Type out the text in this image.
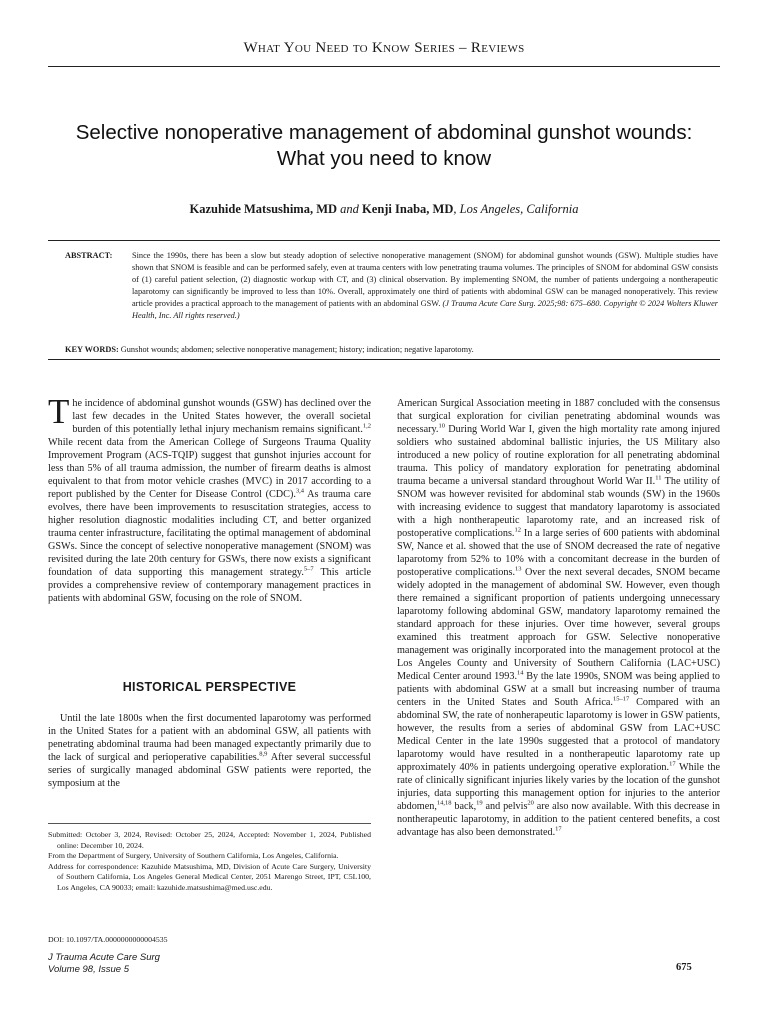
What You Need to Know Series – Reviews
Selective nonoperative management of abdominal gunshot wounds: What you need to know
Kazuhide Matsushima, MD and Kenji Inaba, MD, Los Angeles, California
ABSTRACT: Since the 1990s, there has been a slow but steady adoption of selective nonoperative management (SNOM) for abdominal gunshot wounds (GSW). Multiple studies have shown that SNOM is feasible and can be performed safely, even at trauma centers with low penetrating trauma volumes. The principles of SNOM for abdominal GSW consists of (1) careful patient selection, (2) diagnostic workup with CT, and (3) clinical observation. By implementing SNOM, the number of patients undergoing a nontherapeutic laparotomy can significantly be improved to less than 10%. Overall, approximately one third of patients with abdominal GSW can be managed nonoperatively. This review article provides a practical approach to the management of patients with an abdominal GSW. (J Trauma Acute Care Surg. 2025;98: 675–680. Copyright © 2024 Wolters Kluwer Health, Inc. All rights reserved.)
KEY WORDS: Gunshot wounds; abdomen; selective nonoperative management; history; indication; negative laparotomy.

The incidence of abdominal gunshot wounds (GSW) has declined over the last few decades in the United States however, the overall societal burden of this potentially lethal injury mechanism remains significant.$^{1,2}$ While recent data from the American College of Surgeons Trauma Quality Improvement Program (ACS-TQIP) suggest that gunshot injuries account for less than 5% of all trauma admission, the number of firearm deaths is almost equivalent to that from motor vehicle crashes (MVC) in 2017 according to a report published by the Center for Disease Control (CDC).$^{3,4}$ As trauma care evolves, there have been improvements to resuscitation strategies, access to higher resolution diagnostic modalities including CT, and better organized trauma center infrastructure, facilitating the optimal management of abdominal GSWs. Since the concept of selective nonoperative management (SNOM) was revisited during the late 20th century for GSWs, there now exists a significant foundation of data supporting this management strategy.$^{5-7}$ This article provides a comprehensive review of contemporary management practices in patients with abdominal GSW, focusing on the role of SNOM.

HISTORICAL PERSPECTIVE

Until the late 1800s when the first documented laparotomy was performed in the United States for a patient with an abdominal GSW, all patients with penetrating abdominal trauma had been managed expectantly primarily due to the lack of surgical and perioperative capabilities.$^{8,9}$ After several successful series of surgically managed abdominal GSW patients were reported, the symposium at the

Submitted: October 3, 2024, Revised: October 25, 2024, Accepted: November 1, 2024, Published online: December 10, 2024.

From the Department of Surgery, University of Southern California, Los Angeles, California.

Address for correspondence: Kazuhide Matsushima, MD, Division of Acute Care Surgery, University of Southern California, Los Angeles General Medical Center, 2051 Marengo Street, IPT, C5L100, Los Angeles, CA 90033; email: kazuhide.matsushima@med.usc.edu.

DOI: 10.1097/TA.0000000000004535

American Surgical Association meeting in 1887 concluded with the consensus that surgical exploration for civilian penetrating abdominal wounds was necessary.$^{10}$ During World War I, given the high mortality rate among injured soldiers who sustained abdominal ballistic injuries, the US Military also introduced a new policy of routine exploration for all penetrating abdominal trauma. This policy of mandatory exploration for penetrating abdominal trauma became a universal standard throughout World War II.$^{11}$ The utility of SNOM was however revisited for abdominal stab wounds (SW) in the 1960s with increasing evidence to suggest that mandatory laparotomy is associated with a high nontherapeutic laparotomy rate, and an increased risk of postoperative complications.$^{12}$ In a large series of 600 patients with abdominal SW, Nance et al. showed that the use of SNOM decreased the rate of negative laparotomy from 52% to 10% with a concomitant decrease in the burden of postoperative complications.$^{13}$ Over the next several decades, SNOM became widely adopted in the management of abdominal SW. However, even though there remained a significant proportion of patients undergoing unnecessary laparotomy following abdominal GSW, mandatory laparotomy remained the standard approach for these injuries. Over time however, several groups examined this treatment approach for GSW. Selective nonoperative management was originally incorporated into the management protocol at the Los Angeles County and University of Southern California (LAC+USC) Medical Center around 1993.14 By the late 1990s, SNOM was being applied to patients with abdominal GSW at a small but increasing number of trauma centers in the United States and South Africa.$^{15-17}$ Compared with an abdominal SW, the rate of nonherapeutic laparotomy is lower in GSW patients, however, the results from a series of abdominal GSW from LAC+USC Medical Center in the late 1990s suggested that a protocol of mandatory laparotomy would have resulted in a nontherapeutic laparotomy rate up approximately 40% in patients undergoing operative exploration.$^{17}$ While the rate of clinically significant injuries likely varies by the location of the gunshot injuries, data supporting this management option for injuries to the anterior abdomen,$^{14,18}$ back,$^{19}$ and pelvis$^{20}$ are also now available. With this decrease in nontherapeutic laparotomy, in addition to the patient centered benefits, a cost advantage has also been demonstrated.$^{17}$

J Trauma Acute Care Surg
Volume 98, Issue 5	675
